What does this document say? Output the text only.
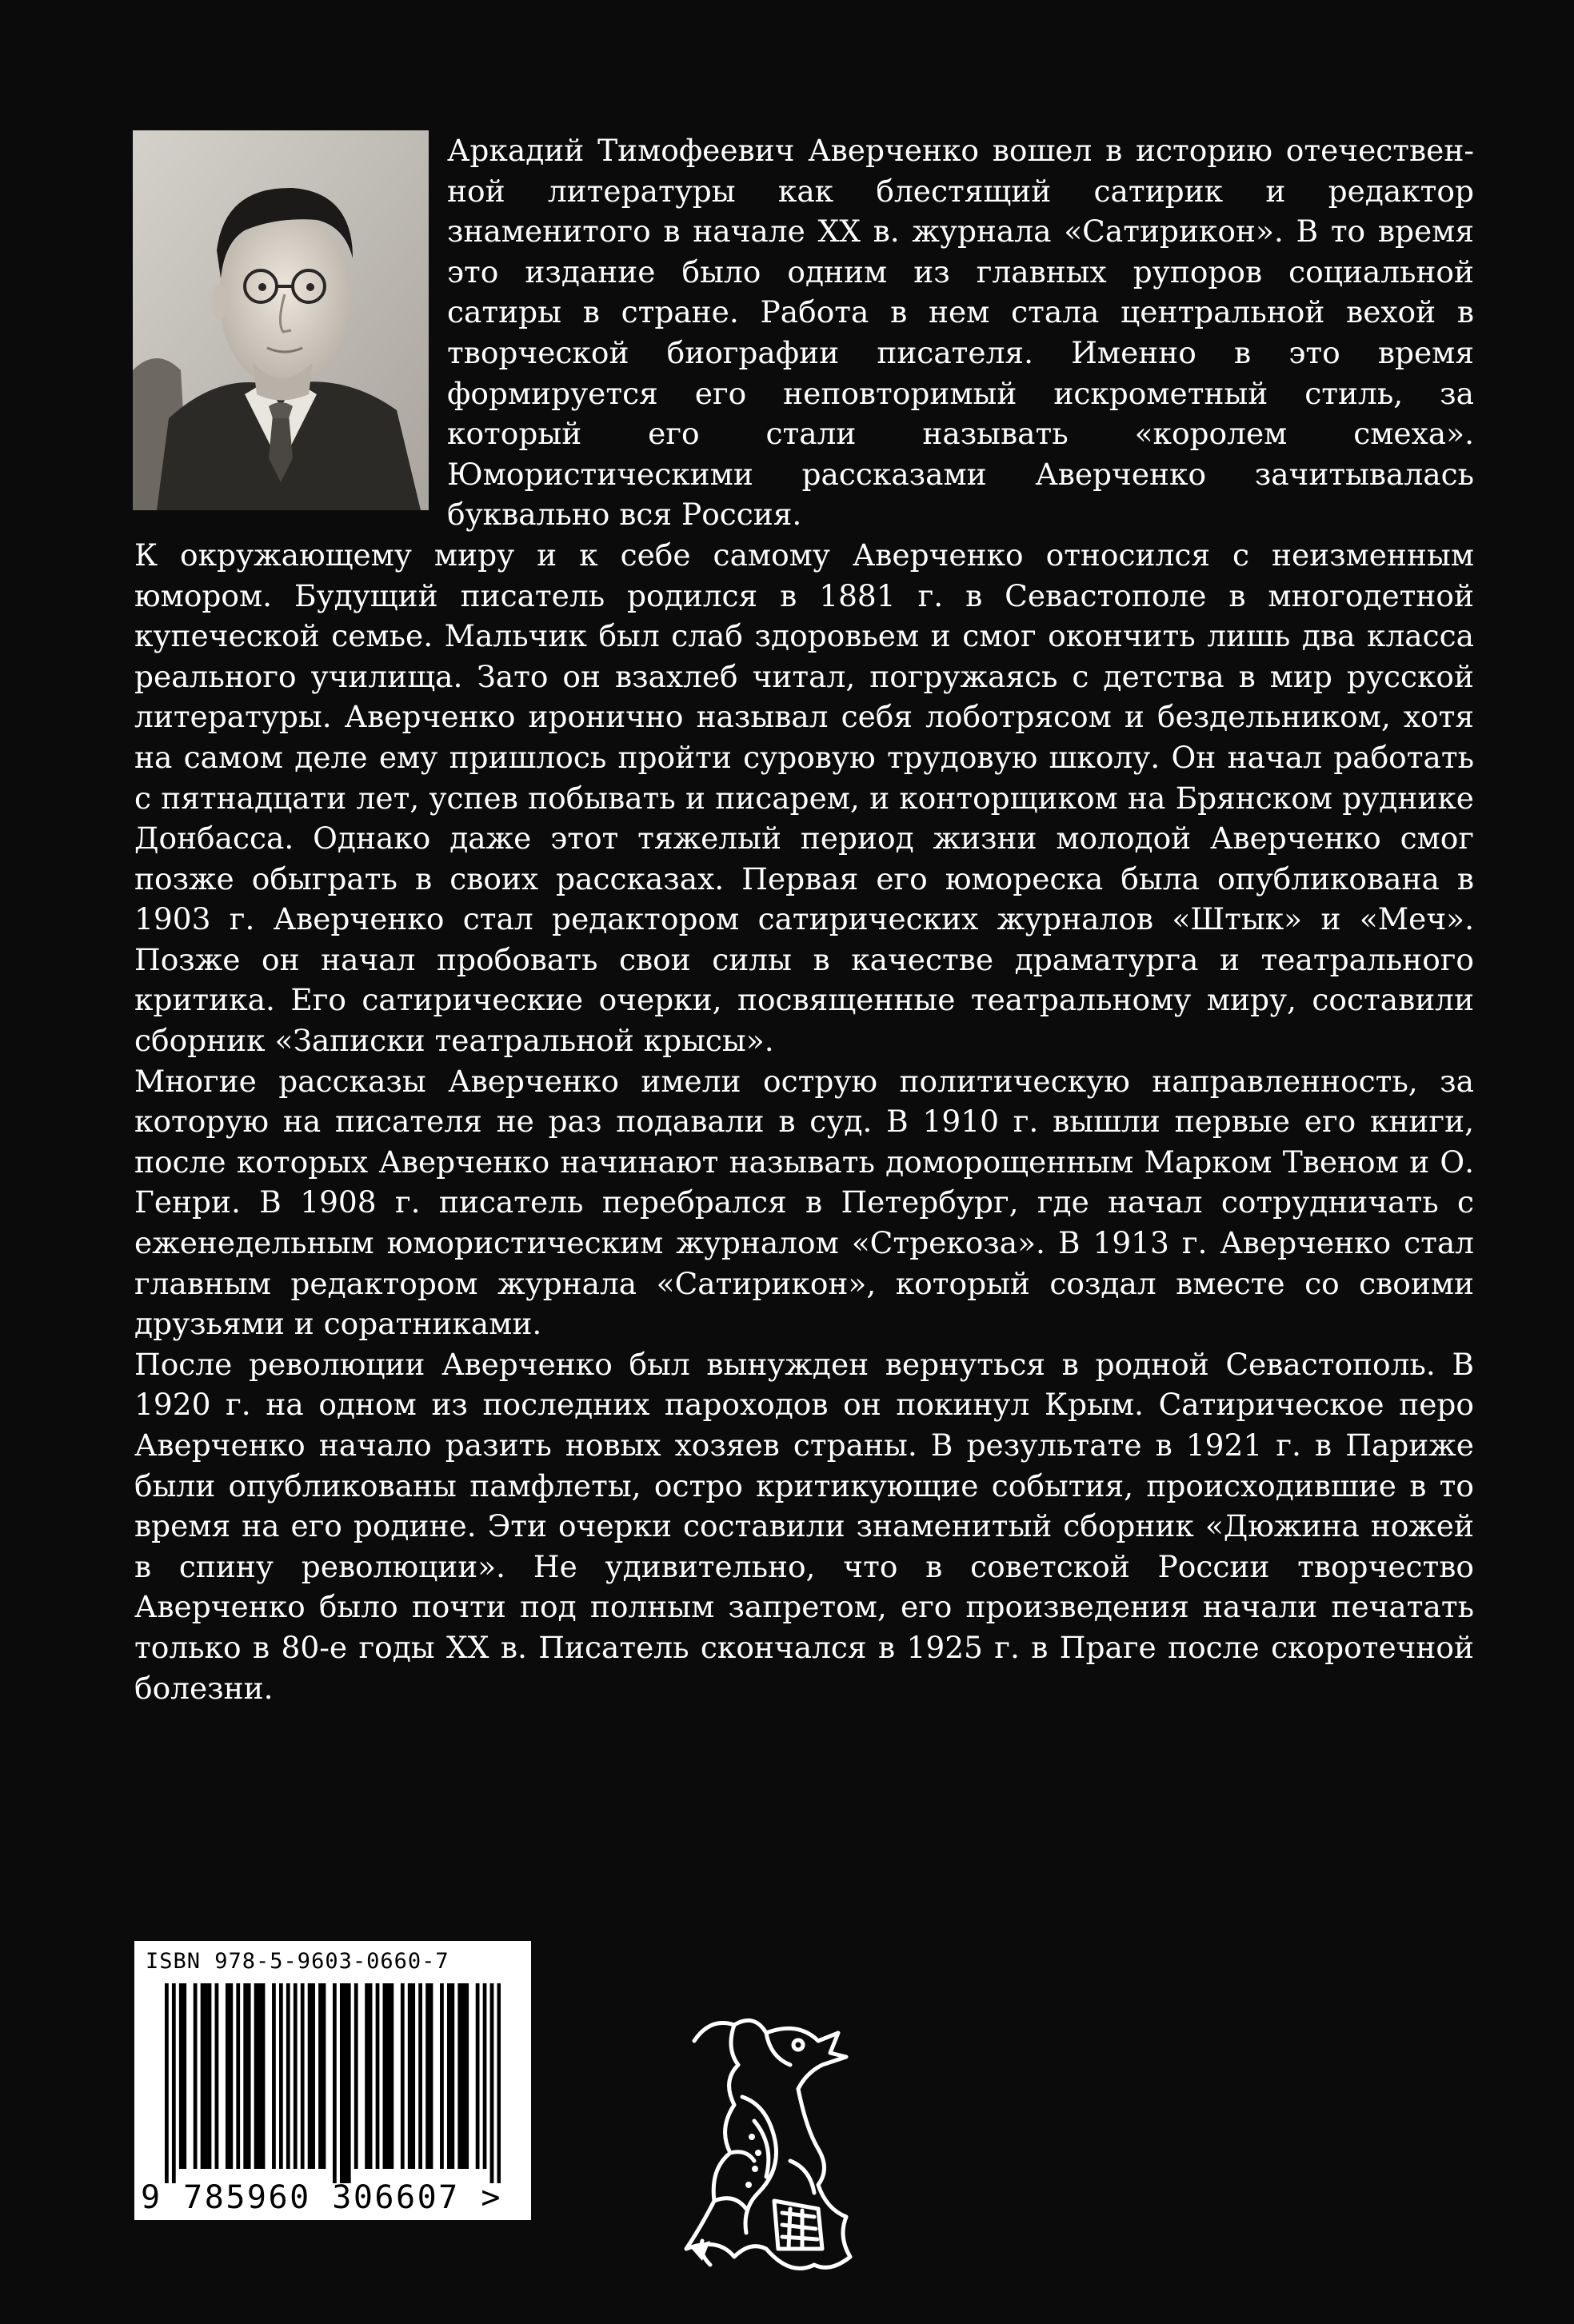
Аркадий Тимофеевич Аверченко вошел в историю отечественной литературы как блестящий сатирик и редактор знаменитого в начале XX в. журнала «Сатирикон». В то время это издание было одним из главных рупоров социальной сатиры в стране. Работа в нем стала центральной вехой в творческой биографии писателя. Именно в это время формируется его неповторимый искрометный стиль, за который его стали называть «королем смеха». Юмористическими рассказами Аверченко зачитывалась буквально вся Россия.

К окружающему миру и к себе самому Аверченко относился с неизменным юмором. Будущий писатель родился в 1881 г. в Севастополе в многодетной купеческой семье. Мальчик был слаб здоровьем и смог окончить лишь два класса реального училища. Зато он взахлеб читал, погружаясь с детства в мир русской литературы. Аверченко иронично называл себя лоботрясом и бездельником, хотя на самом деле ему пришлось пройти суровую трудовую школу. Он начал работать с пятнадцати лет, успев побывать и писарем, и конторщиком на Брянском руднике Донбасса. Однако даже этот тяжелый период жизни молодой Аверченко смог позже обыграть в своих рассказах. Первая его юмореска была опубликована в 1903 г. Аверченко стал редактором сатирических журналов «Штык» и «Меч». Позже он начал пробовать свои силы в качестве драматурга и театрального критика. Его сатирические очерки, посвященные театральному миру, составили сборник «Записки театральной крысы».

Многие рассказы Аверченко имели острую политическую направленность, за которую на писателя не раз подавали в суд. В 1910 г. вышли первые его книги, после которых Аверченко начинают называть доморощенным Марком Твеном и О. Генри. В 1908 г. писатель перебрался в Петербург, где начал сотрудничать с еженедельным юмористическим журналом «Стрекоза». В 1913 г. Аверченко стал главным редактором журнала «Сатирикон», который создал вместе со своими друзьями и соратниками.

После революции Аверченко был вынужден вернуться в родной Севастополь. В 1920 г. на одном из последних пароходов он покинул Крым. Сатирическое перо Аверченко начало разить новых хозяев страны. В результате в 1921 г. в Париже были опубликованы памфлеты, остро критикующие события, происходившие в то время на его родине. Эти очерки составили знаменитый сборник «Дюжина ножей в спину революции». Не удивительно, что в советской России творчество Аверченко было почти под полным запретом, его произведения начали печатать только в 80-е годы XX в. Писатель скончался в 1925 г. в Праге после скоротечной болезни.

ISBN 978-5-9603-0660-7
9 785960 306607 >
